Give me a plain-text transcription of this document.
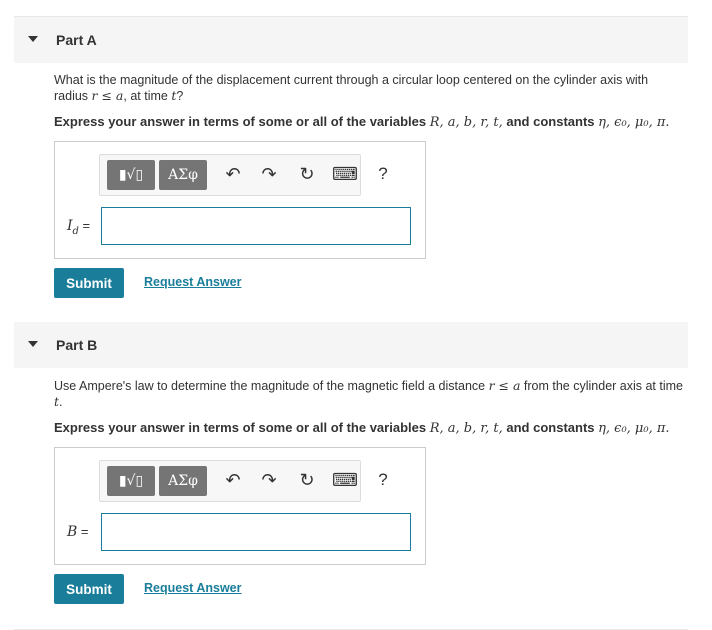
Part A
What is the magnitude of the displacement current through a circular loop centered on the cylinder axis with radius r ≤ a, at time t?
Express your answer in terms of some or all of the variables R, a, b, r, t, and constants η, ϵ₀, μ₀, π.
▮√▯	ΑΣφ	↶ ↷ ↻ ⌨	?
$I_d$ =
Submit	Request Answer
Part B
Use Ampere's law to determine the magnitude of the magnetic field a distance r ≤ a from the cylinder axis at time t.
Express your answer in terms of some or all of the variables R, a, b, r, t, and constants η, ϵ₀, μ₀, π.
▮√▯	ΑΣφ	↶ ↷ ↻ ⌨	?
B =
Submit	Request Answer
